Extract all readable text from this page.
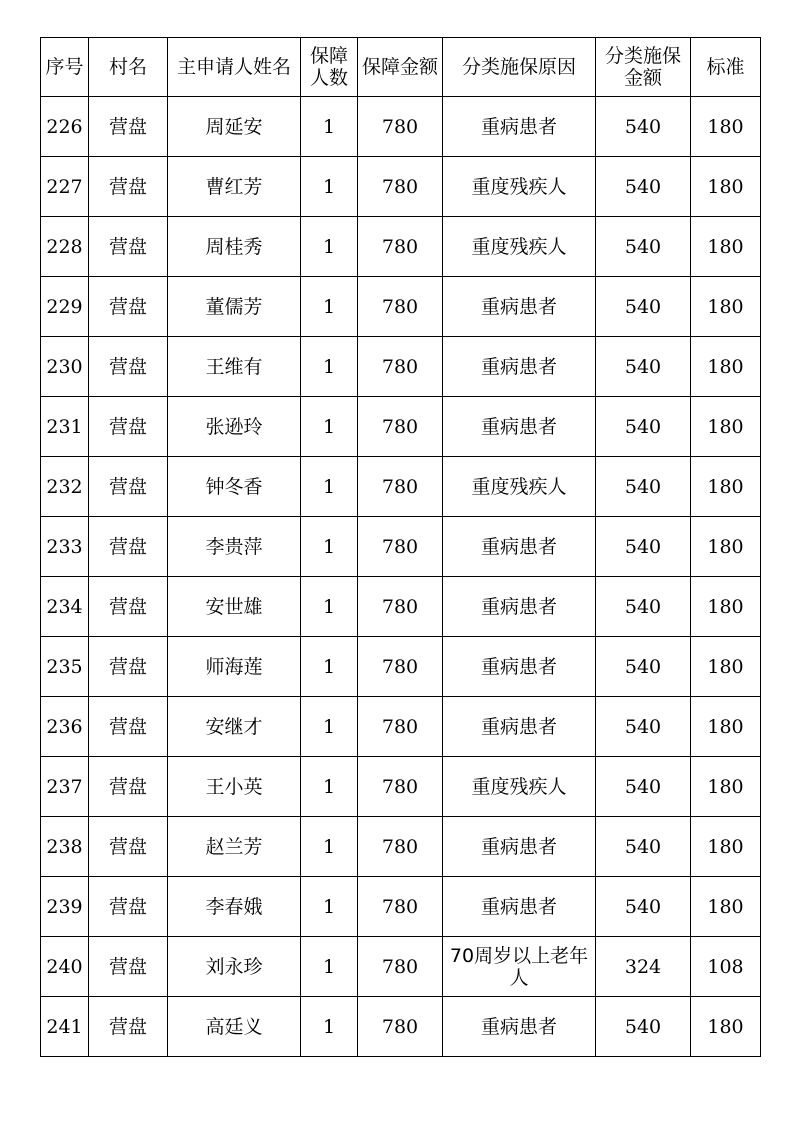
序号	村名	主申请人姓名	保障人数	保障金额	分类施保原因	分类施保金额	标准
226	营盘	周延安	1	780	重病患者	540	180
227	营盘	曹红芳	1	780	重度残疾人	540	180
228	营盘	周桂秀	1	780	重度残疾人	540	180
229	营盘	董儒芳	1	780	重病患者	540	180
230	营盘	王维有	1	780	重病患者	540	180
231	营盘	张逊玲	1	780	重病患者	540	180
232	营盘	钟冬香	1	780	重度残疾人	540	180
233	营盘	李贵萍	1	780	重病患者	540	180
234	营盘	安世雄	1	780	重病患者	540	180
235	营盘	师海莲	1	780	重病患者	540	180
236	营盘	安继才	1	780	重病患者	540	180
237	营盘	王小英	1	780	重度残疾人	540	180
238	营盘	赵兰芳	1	780	重病患者	540	180
239	营盘	李春娥	1	780	重病患者	540	180
240	营盘	刘永珍	1	780	70周岁以上老年人	324	108
241	营盘	高廷义	1	780	重病患者	540	180
